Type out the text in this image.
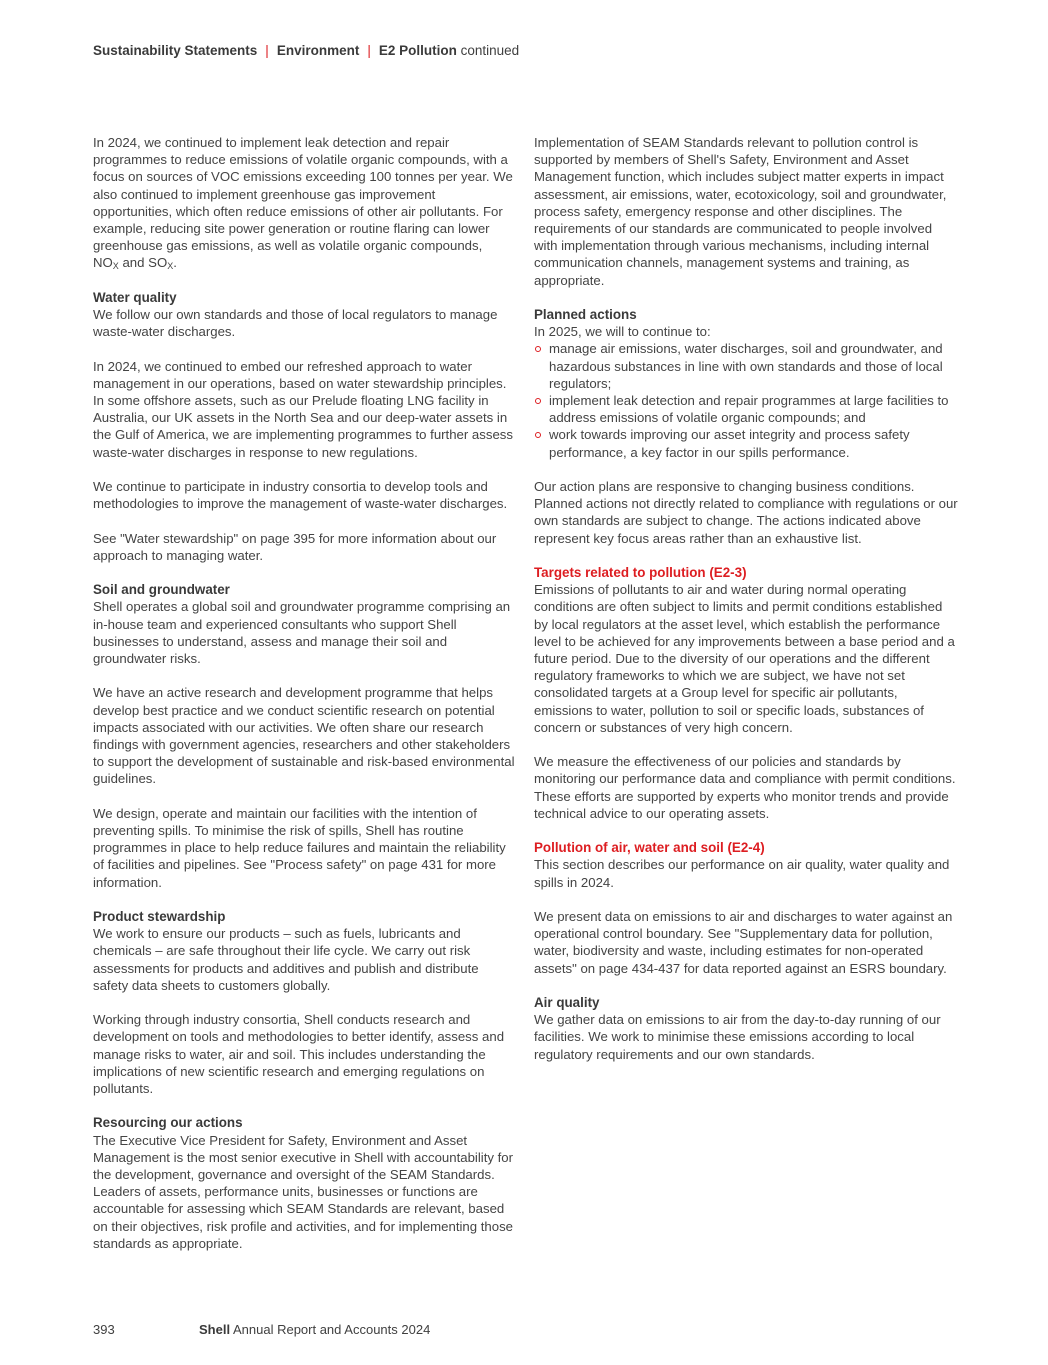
Sustainability Statements | Environment | E2 Pollution continued

In 2024, we continued to implement leak detection and repair programmes to reduce emissions of volatile organic compounds, with a focus on sources of VOC emissions exceeding 100 tonnes per year. We also continued to implement greenhouse gas improvement opportunities, which often reduce emissions of other air pollutants. For example, reducing site power generation or routine flaring can lower greenhouse gas emissions, as well as volatile organic compounds,
$NO_X$ and $SO_X$.

Water quality

We follow our own standards and those of local regulators to manage waste-water discharges.

In 2024, we continued to embed our refreshed approach to water management in our operations, based on water stewardship principles. In some offshore assets, such as our Prelude floating LNG facility in Australia, our UK assets in the North Sea and our deep-water assets in the Gulf of America, we are implementing programmes to further assess waste-water discharges in response to new regulations.

We continue to participate in industry consortia to develop tools and methodologies to improve the management of waste-water discharges.

See "Water stewardship" on page 395 for more information about our approach to managing water.

Soil and groundwater

Shell operates a global soil and groundwater programme comprising an in-house team and experienced consultants who support Shell businesses to understand, assess and manage their soil and groundwater risks.

We have an active research and development programme that helps develop best practice and we conduct scientific research on potential impacts associated with our activities. We often share our research findings with government agencies, researchers and other stakeholders to support the development of sustainable and risk-based environmental guidelines.

We design, operate and maintain our facilities with the intention of preventing spills. To minimise the risk of spills, Shell has routine programmes in place to help reduce failures and maintain the reliability of facilities and pipelines. See "Process safety" on page 431 for more information.

Product stewardship

We work to ensure our products – such as fuels, lubricants and chemicals – are safe throughout their life cycle. We carry out risk assessments for products and additives and publish and distribute safety data sheets to customers globally.

Working through industry consortia, Shell conducts research and development on tools and methodologies to better identify, assess and manage risks to water, air and soil. This includes understanding the implications of new scientific research and emerging regulations on pollutants.

Resourcing our actions

The Executive Vice President for Safety, Environment and Asset Management is the most senior executive in Shell with accountability for the development, governance and oversight of the SEAM Standards. Leaders of assets, performance units, businesses or functions are accountable for assessing which SEAM Standards are relevant, based on their objectives, risk profile and activities, and for implementing those standards as appropriate.

Implementation of SEAM Standards relevant to pollution control is supported by members of Shell's Safety, Environment and Asset Management function, which includes subject matter experts in impact assessment, air emissions, water, ecotoxicology, soil and groundwater, process safety, emergency response and other disciplines. The requirements of our standards are communicated to people involved with implementation through various mechanisms, including internal communication channels, management systems and training, as appropriate.

Planned actions
In 2025, we will to continue to:
manage air emissions, water discharges, soil and groundwater, and hazardous substances in line with own standards and those of local regulators;
implement leak detection and repair programmes at large facilities to address emissions of volatile organic compounds; and
work towards improving our asset integrity and process safety performance, a key factor in our spills performance.

Our action plans are responsive to changing business conditions. Planned actions not directly related to compliance with regulations or our own standards are subject to change. The actions indicated above represent key focus areas rather than an exhaustive list.

Targets related to pollution (E2-3)

Emissions of pollutants to air and water during normal operating conditions are often subject to limits and permit conditions established by local regulators at the asset level, which establish the performance level to be achieved for any improvements between a base period and a future period. Due to the diversity of our operations and the different regulatory frameworks to which we are subject, we have not set consolidated targets at a Group level for specific air pollutants, emissions to water, pollution to soil or specific loads, substances of concern or substances of very high concern.

We measure the effectiveness of our policies and standards by monitoring our performance data and compliance with permit conditions. These efforts are supported by experts who monitor trends and provide technical advice to our operating assets.

Pollution of air, water and soil (E2-4)

This section describes our performance on air quality, water quality and spills in 2024.

We present data on emissions to air and discharges to water against an operational control boundary. See "Supplementary data for pollution, water, biodiversity and waste, including estimates for non-operated assets" on page 434-437 for data reported against an ESRS boundary.

Air quality

We gather data on emissions to air from the day-to-day running of our facilities. We work to minimise these emissions according to local regulatory requirements and our own standards.

393	Shell Annual Report and Accounts 2024
